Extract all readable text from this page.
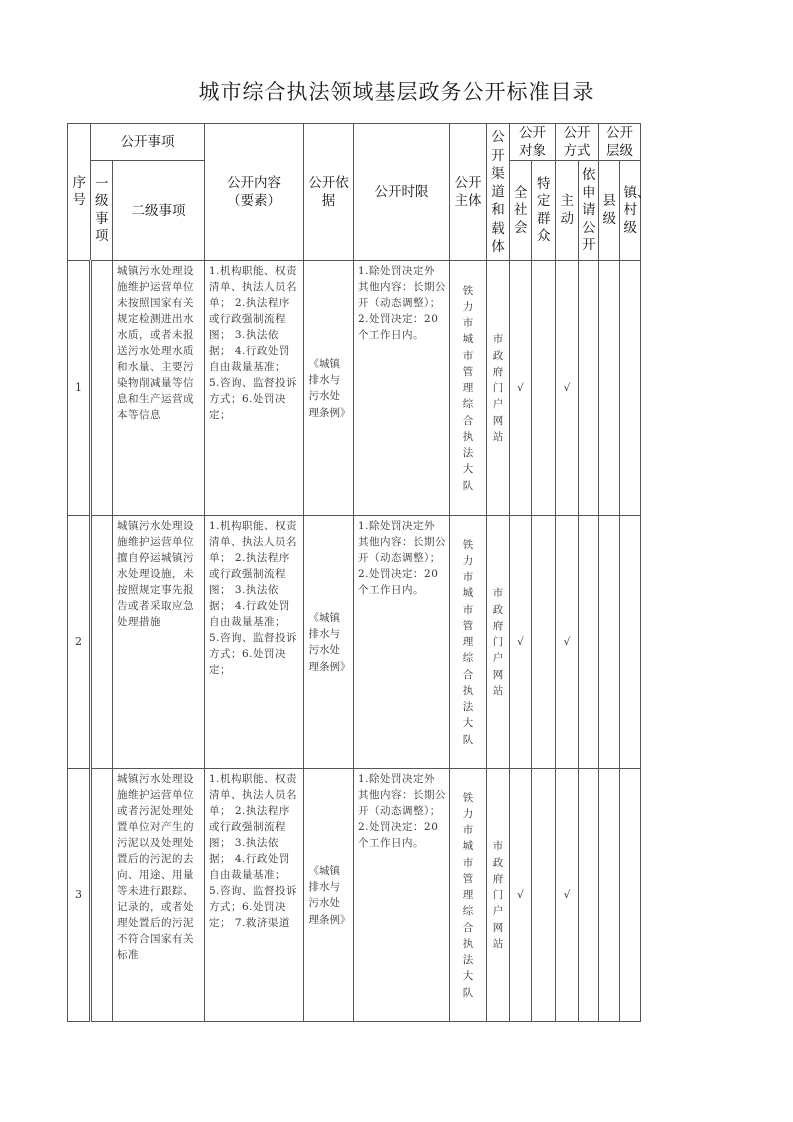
城市综合执法领域基层政务公开标准目录
序号	公开事项		公开内容（要素）	公开依据	公开时限	公开主体	公开渠道和载体	公开对象		公开方式		公开层级	

	一级事项	二级事项						全社会	特定群众	主动	依申请公开	县级	镇、村级
1		城镇污水处理设施维护运营单位未按照国家有关规定检测进出水水质，或者未报送污水处理水质和水量、主要污染物削减量等信息和生产运营成本等信息	1.机构职能、权责清单、执法人员名单； 2.执法程序或行政强制流程 图； 3.执法依 据； 4.行政处罚自由裁量基准； 5.咨询、监督投诉方式；6.处罚决定；	《城镇排水与污水处理条例》	1.除处罚决定外其他内容：长期公开（动态调整）；2.处罚决定：20个工作日内。	铁力市城市管理综合执法大队	市政府门户网站	√		√			
2		城镇污水处理设施维护运营单位擅自停运城镇污水处理设施，未按照规定事先报告或者采取应急处理措施	1.机构职能、权责清单、执法人员名单； 2.执法程序或行政强制流程 图； 3.执法依 据； 4.行政处罚自由裁量基准； 5.咨询、监督投诉方式；6.处罚决定；	《城镇排水与污水处理条例》	1.除处罚决定外其他内容：长期公开（动态调整）；2.处罚决定：20个工作日内。	铁力市城市管理综合执法大队	市政府门户网站	√		√			
3		城镇污水处理设施维护运营单位或者污泥处理处置单位对产生的污泥以及处理处置后的污泥的去向、用途、用量等未进行跟踪、记录的，或者处理处置后的污泥不符合国家有关标准	1.机构职能、权责清单、执法人员名单； 2.执法程序或行政强制流程 图； 3.执法依 据； 4.行政处罚自由裁量基准； 5.咨询、监督投诉方式；6.处罚决定； 7.救济渠道	《城镇排水与污水处理条例》	1.除处罚决定外其他内容：长期公开（动态调整）；2.处罚决定：20个工作日内。	铁力市城市管理综合执法大队	市政府门户网站	√		√			
